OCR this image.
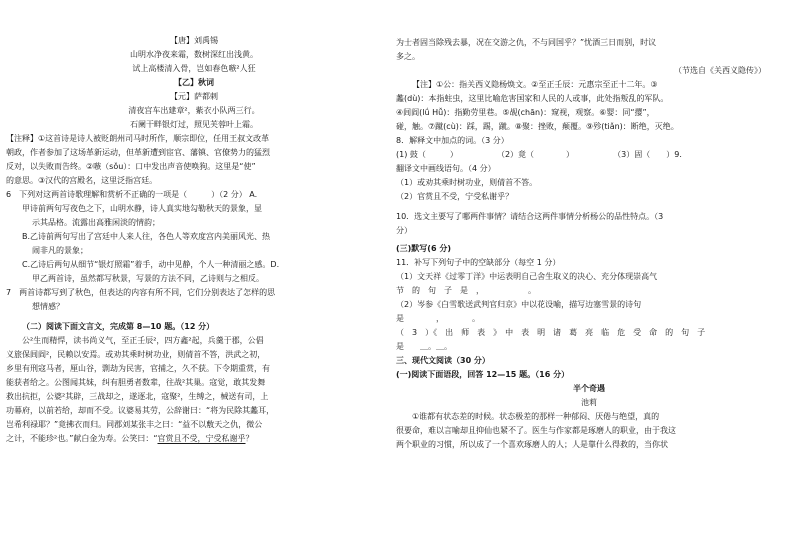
【唐】刘禹锡

山明水净夜来霜，数树深红出浅黄。

试上高楼清入骨，岂如春色嗾²人狂

【乙】秋词

【元】萨都剌

清夜宫车出建章²，紫衣小队两三行。

石阑干畔银灯过，照见芙蓉叶上霜。

【注释】①这首诗是诗人被贬朗州司马时所作，顺宗即位，任用王叔文改革

朝政，作者参加了这场革新运动，但革新遭到宦官、藩镇、官僚势力的猛烈

反对，以失败而告终。②嗾（sǒu）：口中发出声音使唤狗。这里是“使”

的意思。③汉代的宫殿名，这里泛指宫廷。

6　下列对这两首诗歌理解和赏析不正确的一项是（　　　）（2 分） A.

甲诗前两句写夜色之下，山明水静，诗人真实地勾勒秋天的景象，显

示其品格。流露出高雅闲淡的情韵；

B.乙诗前两句写出了宫廷中人来人往，各色人等欢度宫内美丽风光、热

闹非凡的景象；

C.乙诗后两句从细节“银灯照霜”着手，动中见静，个人一种清丽之感。D.

甲乙两首诗，虽然都写秋景，写景的方法不同，乙诗则与之相反。

7　两首诗都写到了秋色，但表达的内容有所不同，它们分别表达了怎样的思

想情感？

（二）阅读下面文言文，完成第 8—10 题。（12 分）

公²生而精悍，读书尚义气，至正壬辰²，四方鑫²起，兵羹于郡，公倡

义旅保闾阎²，民赖以安焉。或劝其乘时树功业，则倩首不答，洪武之初，

乡里有刑寇马者，厘山谷，剽劫为民害，官捕之，久不获。下令期重赏，有

能获者给之。公图闻其妹，纠有胆勇者数辈，往战²其巢。寇觉，敢其发舞

救出抗拒，公婆²其辟，三战却之，遂逐北，寇聚²，生缚之，械送有司，上

功幕府，以前若给，却而不受。议婆易其劳，公辞谢曰：“将为民除其蠡耳，

岂希利禄耶？”竟拂衣而归。同郡刘某张丰之曰：“益不以敷天之仇，微公

之计，不能珍²也。”献白金为寿。公笑曰：“官赏且不受，宁受私谢乎？

为士者固当除残去暴，况在交游之仇，不与同国乎？”忧酒三日而别，时议

多之。

（节选自《关西义隐传》）

【注】①公：指关西义隐杨焕文。②至正壬辰：元惠宗至正十二年。③

蠡(dù)：本指蛀虫，这里比喻危害国家和人民的人或事，此处指叛乱的军队。

④闾阎(lǘ Hǚ)：指勤劳里巷。⑤觇(chān)：窥视，观察。⑥婴：同“撄”，

碰，触。⑦蹴(cù)：踩，踢，蹴。⑧聚：挫败，颠覆。⑨殄(tiǎn)：断绝，灭绝。

8．解释文中加点的词。（3 分）

(1) 鼓（　　　）	（2）竟（　　　　）	（3）固（　　）9.

翻译文中画线语句。（4 分）

（1）或劝其乘时树功业，则倩首不答。

（2）官赏且不受，宁受私谢乎？

10．选文主要写了哪两件事情？请结合这两件事情分析杨公的品性特点。（3

分）

(三)默写(6 分)

11．补写下列句子中的空缺部分（每空 1 分）

（1）文天祥《过零丁洋》中运表明自己舍生取义的决心、充分体现崇高气

节　的　句　子　是　，　　　　　　。

（2）岑参《白雪歌送武判官归京》中以花设喻，描写边塞雪景的诗句

是　　　　，　　　　。

（　3　）《　出　师　表　》　中　表　明　诸　葛　亮　临　危　受　命　的　句　子

是　　＿。＿。

三、现代文阅读（30 分）

(一)阅读下面语段，回答 12—15 题。（16 分）

半个奇遇

池莉

①谁都有状态差的时候。状态极差的那样一种郁闷、厌倦与绝望，真的

很要命，难以言喻却且抑仙也紧不了。医生与作家都是琢磨人的职业，由于我这

两个职业的习惯，所以成了一个喜欢琢磨人的人；人是靠什么得救的，当你状
